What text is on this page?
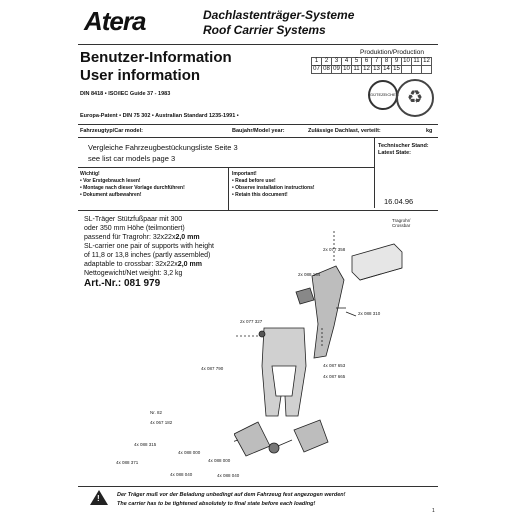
Atera	Dachlastenträger-Systeme
Roof Carrier Systems
Benutzer-Information
User information
DIN 8418 • ISO/IEC Guide 37 - 1983
Europa-Patent • DIN 75 302 • Australian Standard 1235-1991 •
Produktion/Production
1	2	3	4	5	6	7	8	9	10	11	12
07	08	09	10	11	12	13	14	15			
GÜTEZEICHEN ♻
Fahrzeugtyp/Car model:	Baujahr/Model year:	Zulässige Dachlast, verteilt:	kg
Vergleiche Fahrzeugbestückungsliste Seite 3
see list car models page 3
Technischer Stand:
Latest State:
16.04.96
Wichtig!
• Vor Erstgebrauch lesen!
• Montage nach dieser Vorlage durchführen!
• Dokument aufbewahren!
Important!
• Read before use!
• Observe installation instructions!
• Retain this document!
SL-Träger Stützfußpaar mit 300
oder 350 mm Höhe (teilmontiert)
passend für Tragrohr: 32x22x2,0 mm
SL-carrier one pair of supports with height
of 11,8 or 13,8 inches (partly assembled)
adaptable to crossbar: 32x22x2,0 mm
Nettogewicht/Net weight: 3,2 kg
Art.-Nr.: 081 979
Tragrohr/
Crossbar
2x 077 358
2x 088 164
2x 088 310
2x 077 327
4x 087 653
4x 087 665
4x 087 790
Nr. 82
4x 067 182
4x 088 315
4x 088 000
4x 088 371
4x 088 040
4x 088 000
4x 088 040
!	Der Träger muß vor der Beladung unbedingt auf dem Fahrzeug fest angezogen werden!
The carrier has to be tightened absolutely to final state before each loading!
1
